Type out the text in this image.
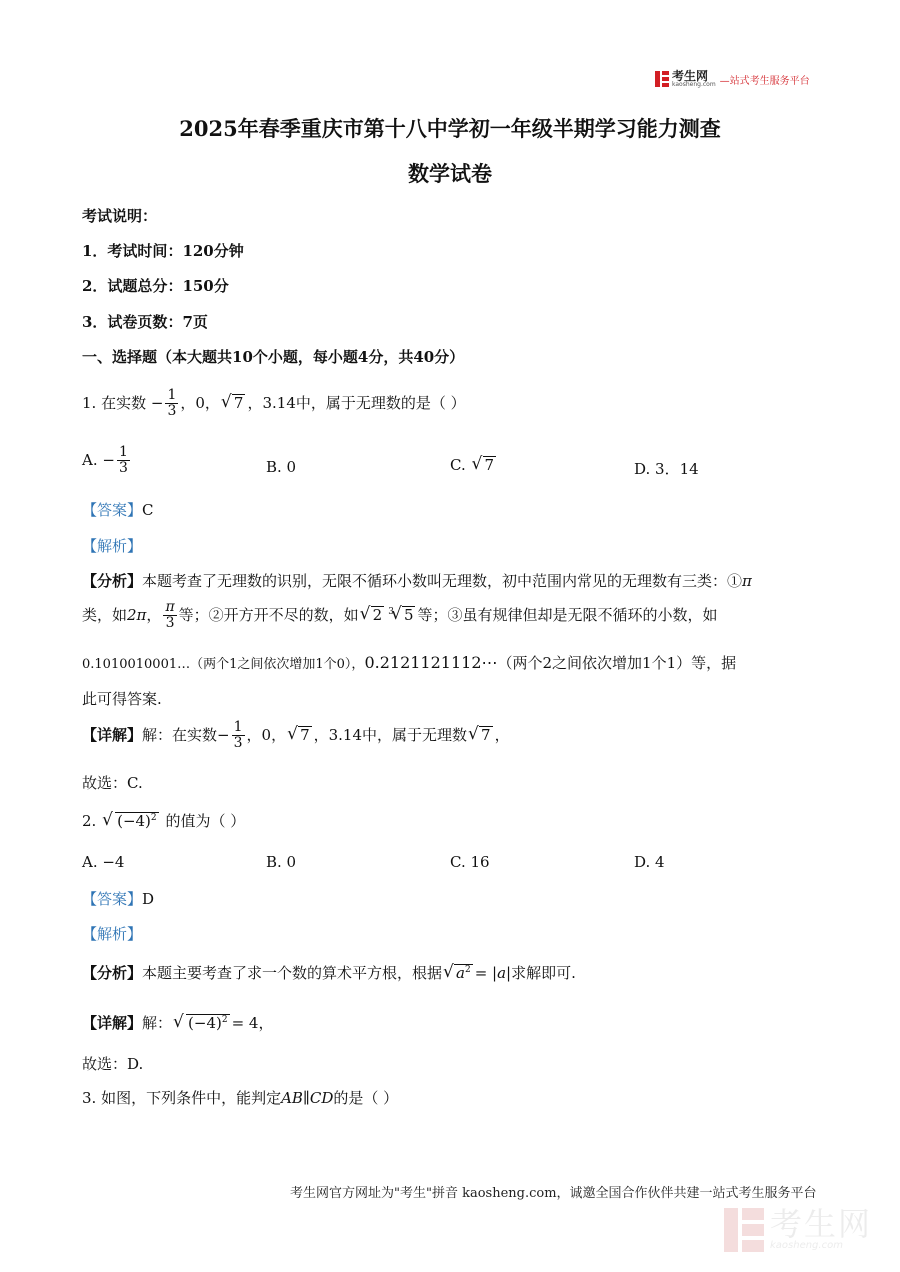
考生网
kaosheng.com —站式考生服务平台
2025年春季重庆市第十八中学初一年级半期学习能力测查
数学试卷
考试说明：
1．考试时间：120分钟
2．试题总分：150分
3．试卷页数：7页
一、选择题（本大题共10个小题，每小题4分，共40分）
1. 在实数 − $\frac{1}{3}$ ，0， √ 7 ，3.14中，属于无理数的是（ ）
A. − $\frac{1}{3}$	B. 0	C. √ 7	D. 3．14
【答案】C
【解析】
【分析】本题考查了无理数的识别，无限不循环小数叫无理数，初中范围内常见的无理数有三类：①π
类，如2π， $\frac{\pi}{3}$ 等；②开方开不尽的数，如 √ 2 $^3$ √ 5 等；③虽有规律但却是无限不循环的小数，如
0.1010010001…（两个1之间依次增加1个0），0.2121121112⋯（两个2之间依次增加1个1）等，据
此可得答案.
【详解】解：在实数− $\frac{1}{3}$ ，0， √ 7 ，3.14中，属于无理数 √ 7 ，
故选：C.
2. √ $(-4)^2$ 的值为（ ）
A. −4	B. 0	C. 16	D. 4
【答案】D
【解析】
【分析】本题主要考查了求一个数的算术平方根，根据 √ $a^2 = |a|$求解即可.
【详解】解： √ $(-4)^2 = 4$，
故选：D.
3. 如图，下列条件中，能判定AB∥CD的是（ ）
考生网官方网址为"考生"拼音 kaosheng.com，诚邀全国合作伙伴共建一站式考生服务平台
考生网
kaosheng.com
